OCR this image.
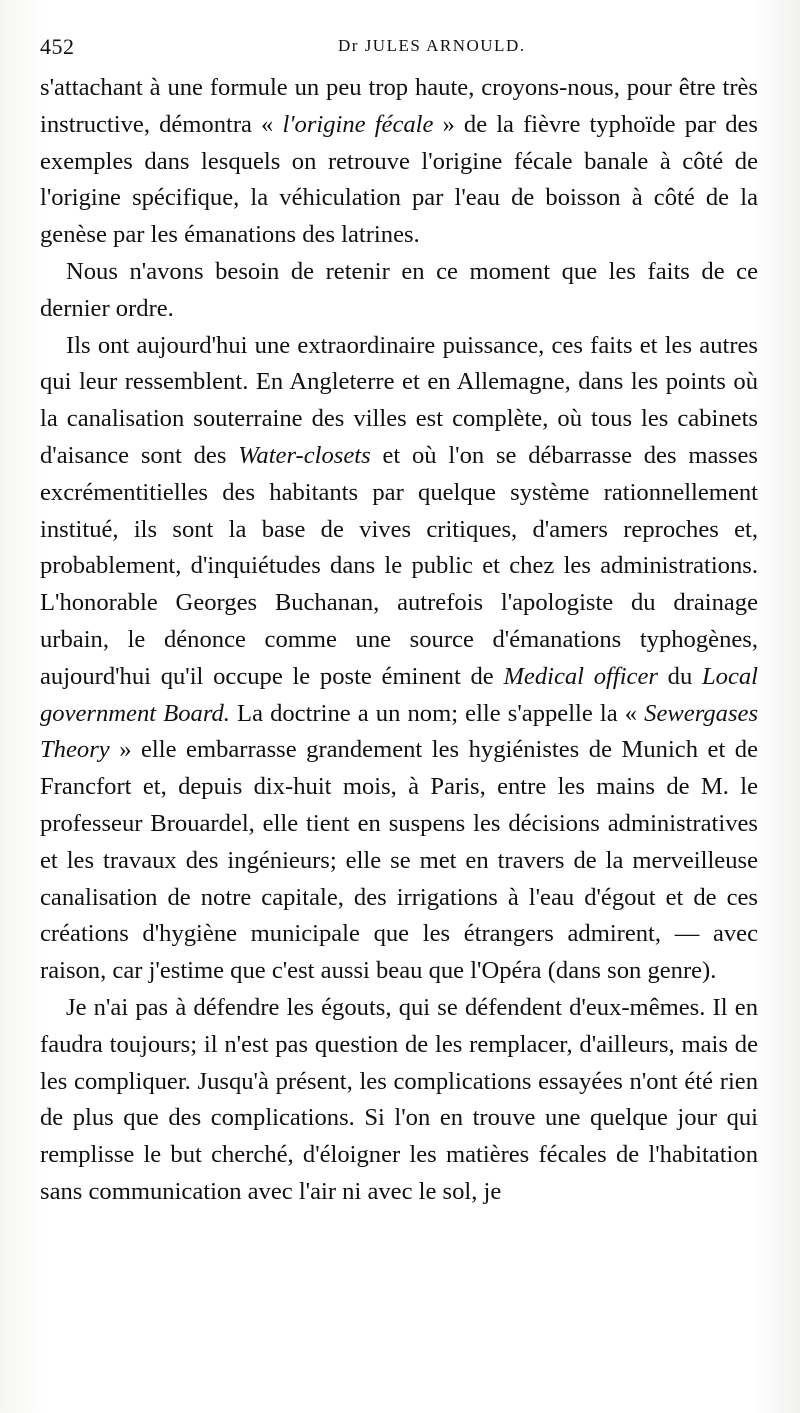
452	Dr JULES ARNOULD.

s'attachant à une formule un peu trop haute, croyons-nous, pour être très instructive, démontra « l'origine fécale » de la fièvre typhoïde par des exemples dans lesquels on retrouve l'origine fécale banale à côté de l'origine spécifique, la véhiculation par l'eau de boisson à côté de la genèse par les émanations des latrines.

Nous n'avons besoin de retenir en ce moment que les faits de ce dernier ordre.

Ils ont aujourd'hui une extraordinaire puissance, ces faits et les autres qui leur ressemblent. En Angleterre et en Allemagne, dans les points où la canalisation souterraine des villes est complète, où tous les cabinets d'aisance sont des Water-closets et où l'on se débarrasse des masses excrémentitielles des habitants par quelque système rationnellement institué, ils sont la base de vives critiques, d'amers reproches et, probablement, d'inquiétudes dans le public et chez les administrations. L'honorable Georges Buchanan, autrefois l'apologiste du drainage urbain, le dénonce comme une source d'émanations typhogènes, aujourd'hui qu'il occupe le poste éminent de Medical officer du Local government Board. La doctrine a un nom; elle s'appelle la « Sewergases Theory » elle embarrasse grandement les hygiénistes de Munich et de Francfort et, depuis dix-huit mois, à Paris, entre les mains de M. le professeur Brouardel, elle tient en suspens les décisions administratives et les travaux des ingénieurs; elle se met en travers de la merveilleuse canalisation de notre capitale, des irrigations à l'eau d'égout et de ces créations d'hygiène municipale que les étrangers admirent, — avec raison, car j'estime que c'est aussi beau que l'Opéra (dans son genre).

Je n'ai pas à défendre les égouts, qui se défendent d'eux-mêmes. Il en faudra toujours; il n'est pas question de les remplacer, d'ailleurs, mais de les compliquer. Jusqu'à présent, les complications essayées n'ont été rien de plus que des complications. Si l'on en trouve une quelque jour qui remplisse le but cherché, d'éloigner les matières fécales de l'habitation sans communication avec l'air ni avec le sol, je
